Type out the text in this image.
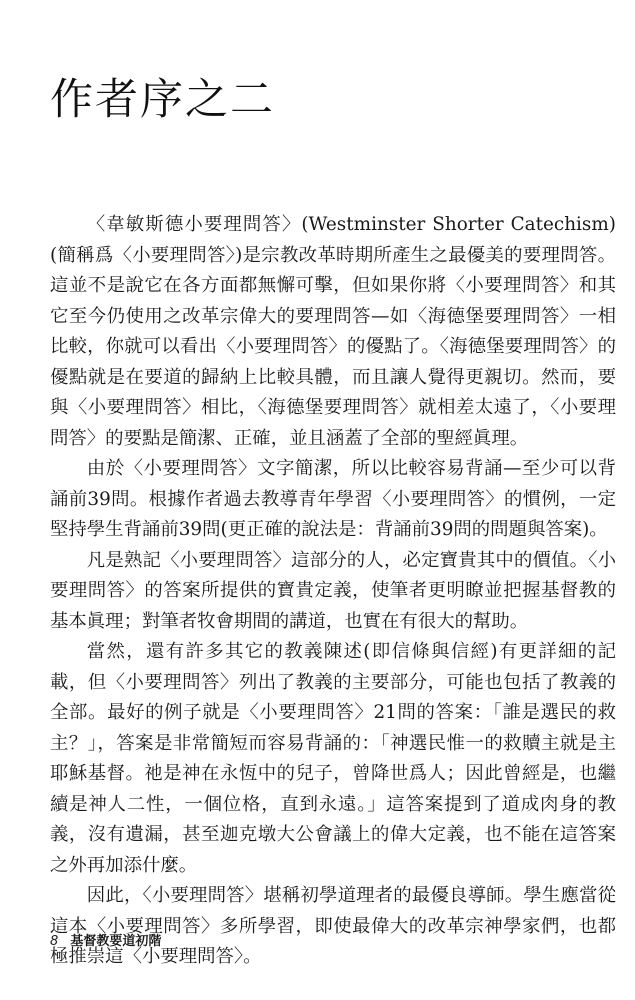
作者序之二

〈韋敏斯德小要理問答〉(Westminster Shorter Catechism)(簡稱爲〈小要理問答〉)是宗教改革時期所產生之最優美的要理問答。這並不是說它在各方面都無懈可擊，但如果你將〈小要理問答〉和其它至今仍使用之改革宗偉大的要理問答—如〈海德堡要理問答〉一相比較，你就可以看出〈小要理問答〉的優點了。〈海德堡要理問答〉的優點就是在要道的歸納上比較具體，而且讓人覺得更親切。然而，要與〈小要理問答〉相比，〈海德堡要理問答〉就相差太遠了，〈小要理問答〉的要點是簡潔、正確，並且涵蓋了全部的聖經眞理。

由於〈小要理問答〉文字簡潔，所以比較容易背誦—至少可以背誦前39問。根據作者過去教導青年學習〈小要理問答〉的慣例，一定堅持學生背誦前39問(更正確的說法是：背誦前39問的問題與答案)。

凡是熟記〈小要理問答〉這部分的人，必定寶貴其中的價值。〈小要理問答〉的答案所提供的寶貴定義，使筆者更明瞭並把握基督教的基本眞理；對筆者牧會期間的講道，也實在有很大的幫助。

當然，還有許多其它的教義陳述(即信條與信經)有更詳細的記載，但〈小要理問答〉列出了教義的主要部分，可能也包括了教義的全部。最好的例子就是〈小要理問答〉21問的答案：「誰是選民的救主？」，答案是非常簡短而容易背誦的：「神選民惟一的救贖主就是主耶穌基督。祂是神在永恆中的兒子，曾降世爲人；因此曾經是，也繼續是神人二性，一個位格，直到永遠。」這答案提到了道成肉身的教義，沒有遺漏，甚至迦克墩大公會議上的偉大定義，也不能在這答案之外再加添什麼。

因此，〈小要理問答〉堪稱初學道理者的最優良導師。學生應當從這本〈小要理問答〉多所學習，即使最偉大的改革宗神學家們，也都極推崇這〈小要理問答〉。

8 基督教要道初階
